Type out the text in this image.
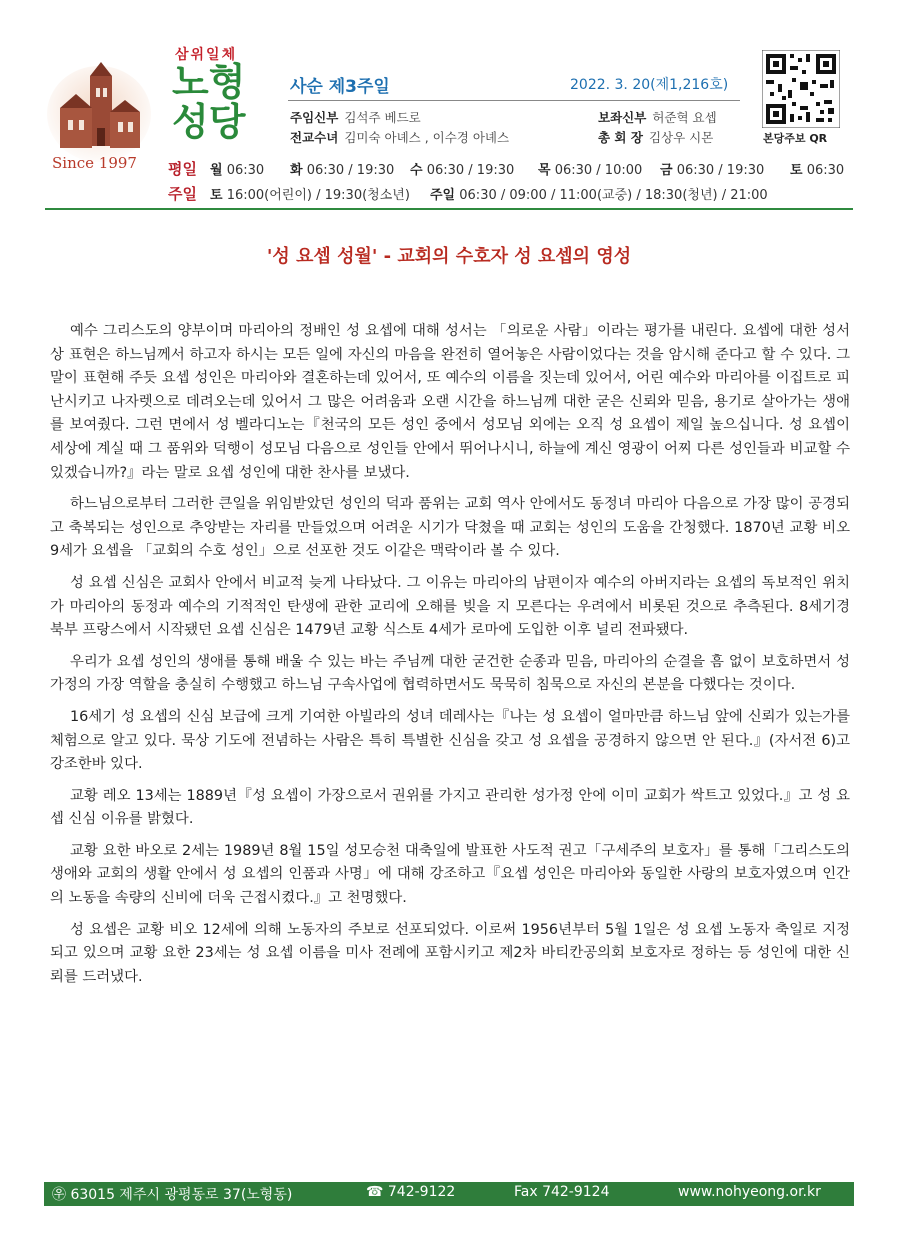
Since 1997
삼위일체
노형
성당
사순 제3주일	2022. 3. 20(제1,216호)
주임신부 김석주 베드로	보좌신부 허준혁 요셉
전교수녀 김미숙 아녜스 , 이수경 아녜스	총 회 장 김상우 시몬	본당주보 QR
평일 월 06:30 화 06:30 / 19:30 수 06:30 / 19:30 목 06:30 / 10:00 금 06:30 / 19:30 토 06:30
주일 토 16:00(어린이) / 19:30(청소년) 주일 06:30 / 09:00 / 11:00(교중) / 18:30(청년) / 21:00
'성 요셉 성월' - 교회의 수호자 성 요셉의 영성

예수 그리스도의 양부이며 마리아의 정배인 성 요셉에 대해 성서는 「의로운 사람」이라는 평가를 내린다. 요셉에 대한 성서상 표현은 하느님께서 하고자 하시는 모든 일에 자신의 마음을 완전히 열어놓은 사람이었다는 것을 암시해 준다고 할 수 있다. 그 말이 표현해 주듯 요셉 성인은 마리아와 결혼하는데 있어서, 또 예수의 이름을 짓는데 있어서, 어린 예수와 마리아를 이집트로 피난시키고 나자렛으로 데려오는데 있어서 그 많은 어려움과 오랜 시간을 하느님께 대한 굳은 신뢰와 믿음, 용기로 살아가는 생애를 보여줬다. 그런 면에서 성 벨라디노는『천국의 모든 성인 중에서 성모님 외에는 오직 성 요셉이 제일 높으십니다. 성 요셉이 세상에 계실 때 그 품위와 덕행이 성모님 다음으로 성인들 안에서 뛰어나시니, 하늘에 계신 영광이 어찌 다른 성인들과 비교할 수 있겠습니까?』라는 말로 요셉 성인에 대한 찬사를 보냈다.

하느님으로부터 그러한 큰일을 위임받았던 성인의 덕과 품위는 교회 역사 안에서도 동정녀 마리아 다음으로 가장 많이 공경되고 축복되는 성인으로 추앙받는 자리를 만들었으며 어려운 시기가 닥쳤을 때 교회는 성인의 도움을 간청했다. 1870년 교황 비오 9세가 요셉을 「교회의 수호 성인」으로 선포한 것도 이같은 맥락이라 볼 수 있다.

성 요셉 신심은 교회사 안에서 비교적 늦게 나타났다. 그 이유는 마리아의 남편이자 예수의 아버지라는 요셉의 독보적인 위치가 마리아의 동정과 예수의 기적적인 탄생에 관한 교리에 오해를 빚을 지 모른다는 우려에서 비롯된 것으로 추측된다. 8세기경 북부 프랑스에서 시작됐던 요셉 신심은 1479년 교황 식스토 4세가 로마에 도입한 이후 널리 전파됐다.

우리가 요셉 성인의 생애를 통해 배울 수 있는 바는 주님께 대한 굳건한 순종과 믿음, 마리아의 순결을 흠 없이 보호하면서 성가정의 가장 역할을 충실히 수행했고 하느님 구속사업에 협력하면서도 묵묵히 침묵으로 자신의 본분을 다했다는 것이다.

16세기 성 요셉의 신심 보급에 크게 기여한 아빌라의 성녀 데레사는『나는 성 요셉이 얼마만큼 하느님 앞에 신뢰가 있는가를 체험으로 알고 있다. 묵상 기도에 전념하는 사람은 특히 특별한 신심을 갖고 성 요셉을 공경하지 않으면 안 된다.』(자서전 6)고 강조한바 있다.

교황 레오 13세는 1889년『성 요셉이 가장으로서 권위를 가지고 관리한 성가정 안에 이미 교회가 싹트고 있었다.』고 성 요셉 신심 이유를 밝혔다.

교황 요한 바오로 2세는 1989년 8월 15일 성모승천 대축일에 발표한 사도적 권고「구세주의 보호자」를 통해「그리스도의 생애와 교회의 생활 안에서 성 요셉의 인품과 사명」에 대해 강조하고『요셉 성인은 마리아와 동일한 사랑의 보호자였으며 인간의 노동을 속량의 신비에 더욱 근접시켰다.』고 천명했다.

성 요셉은 교황 비오 12세에 의해 노동자의 주보로 선포되었다. 이로써 1956년부터 5월 1일은 성 요셉 노동자 축일로 지정되고 있으며 교황 요한 23세는 성 요셉 이름을 미사 전례에 포함시키고 제2차 바티칸공의회 보호자로 정하는 등 성인에 대한 신뢰를 드러냈다.

㉾ 63015 제주시 광평동로 37(노형동)	☎ 742-9122	Fax 742-9124	www.nohyeong.or.kr
